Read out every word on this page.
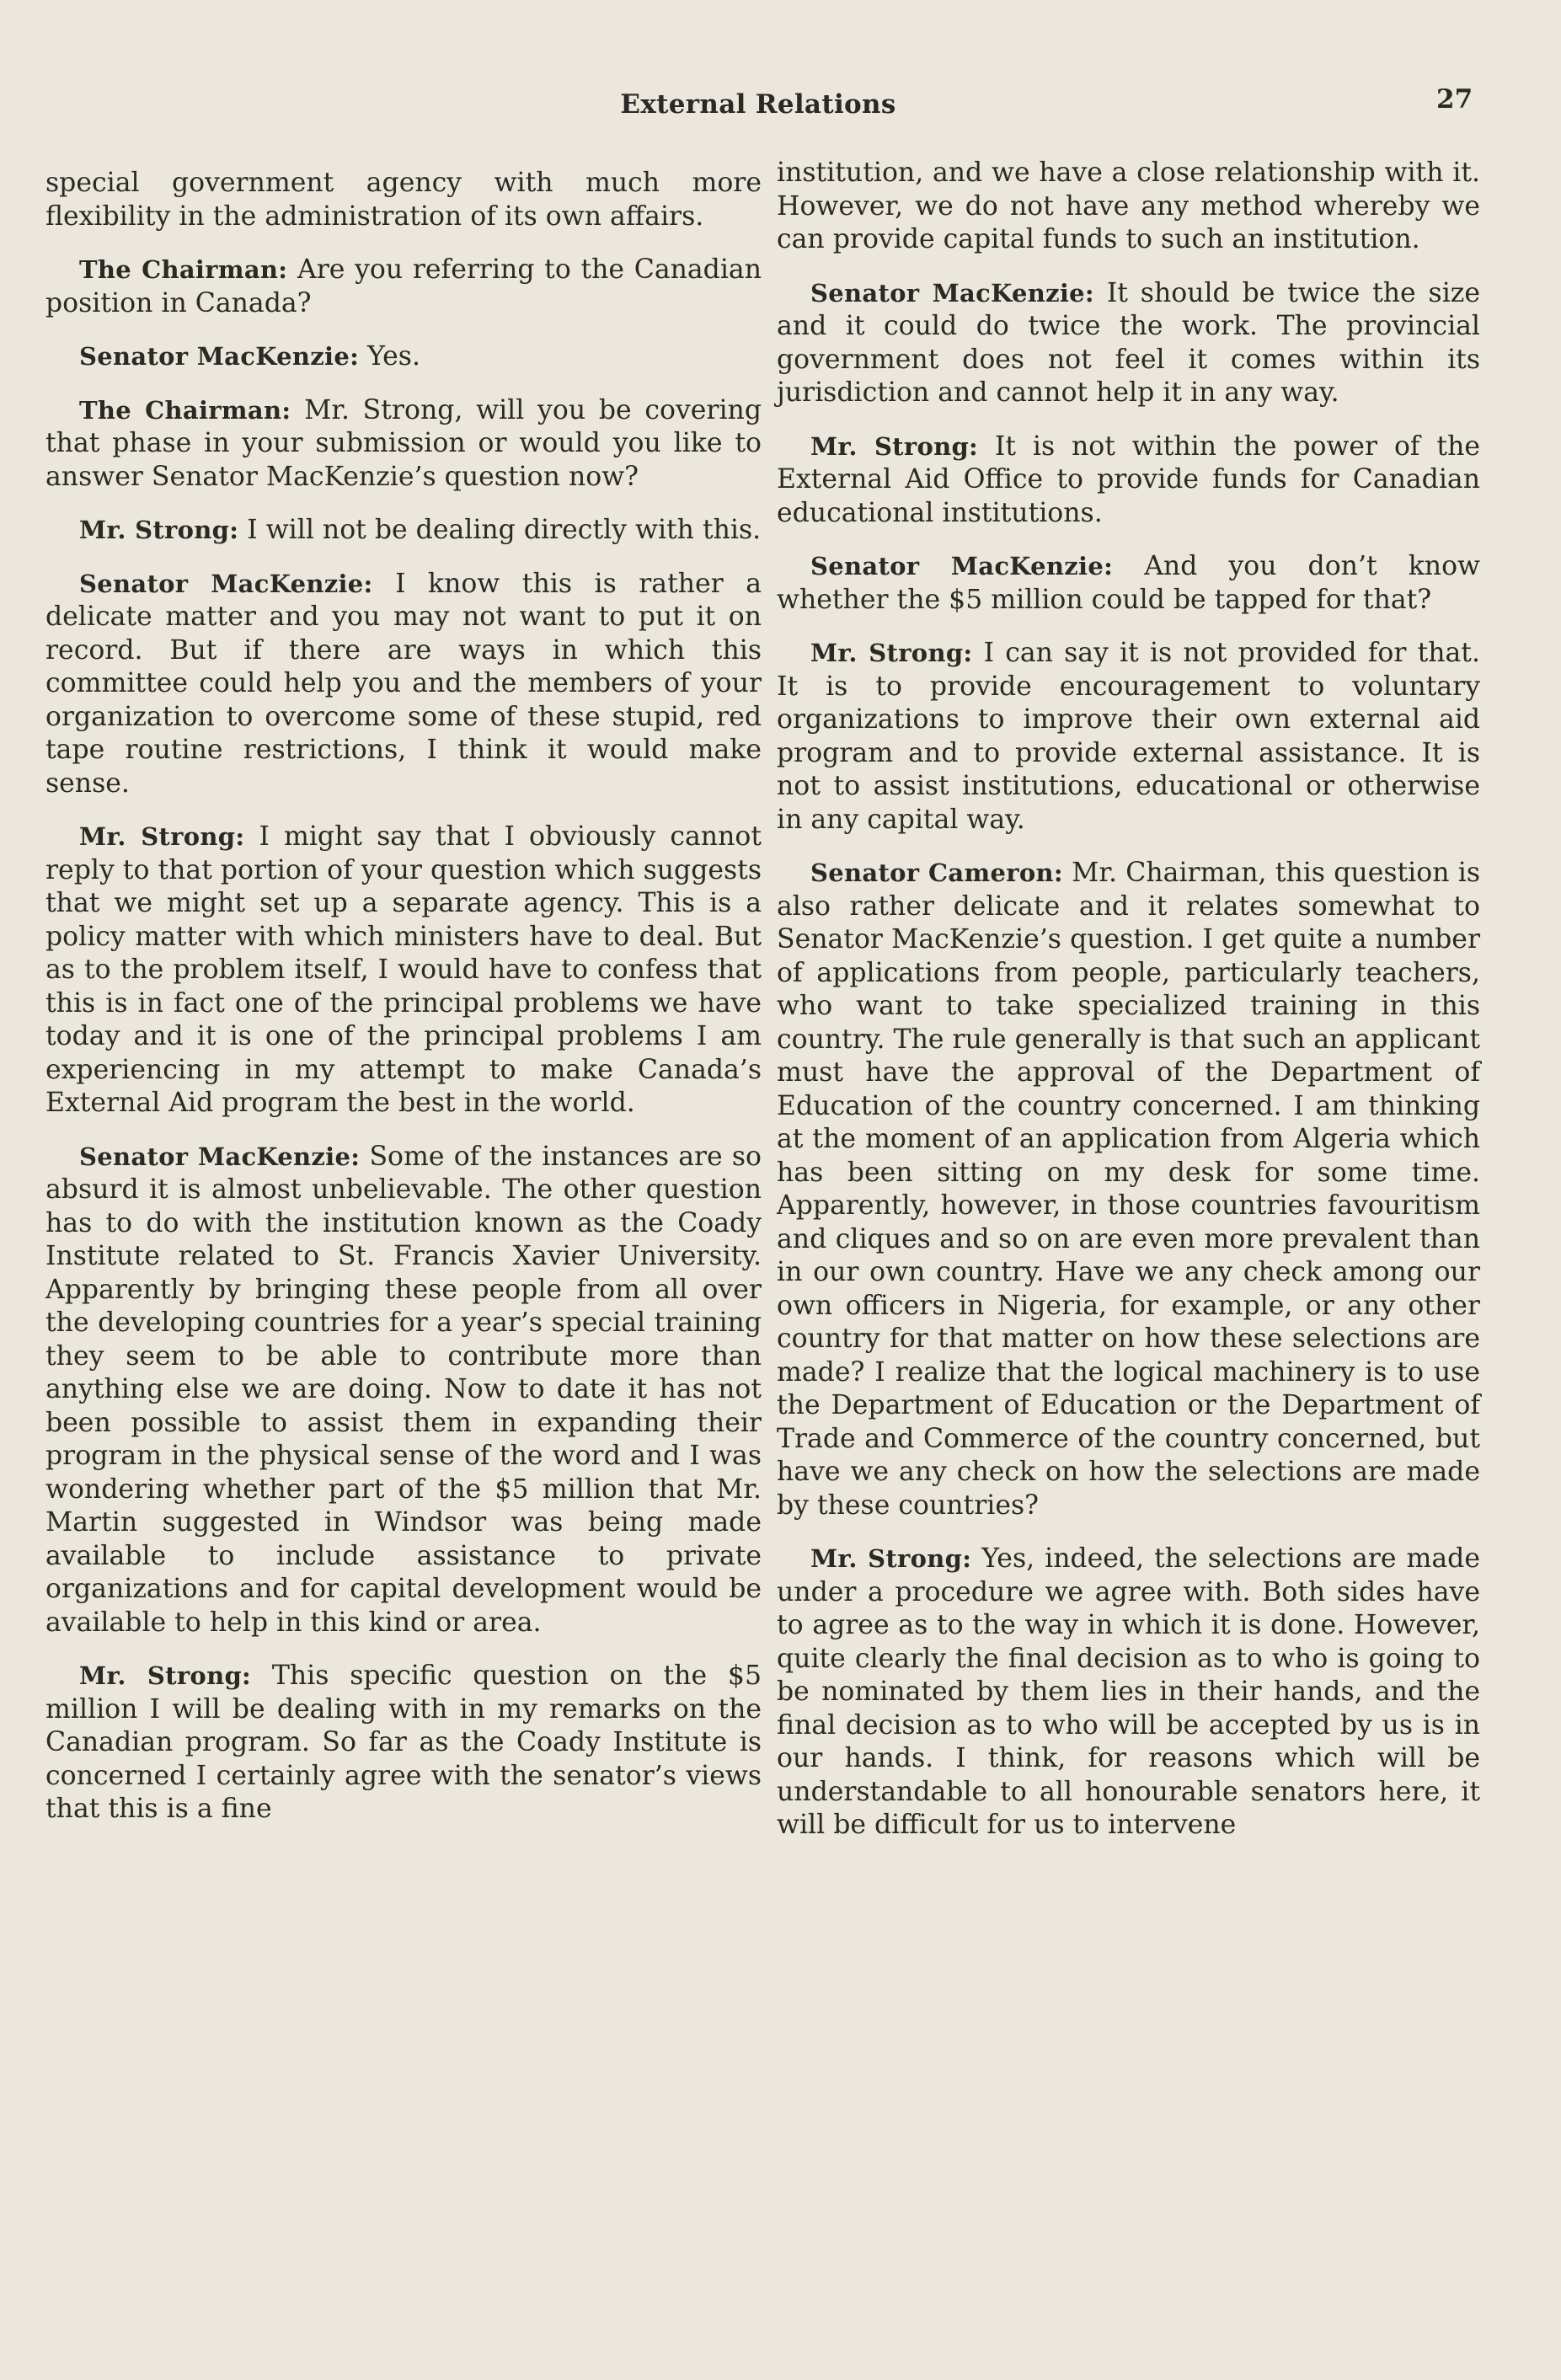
External Relations	27

special government agency with much more flexibility in the administration of its own affairs.

The Chairman: Are you referring to the Canadian position in Canada?

Senator MacKenzie: Yes.

The Chairman: Mr. Strong, will you be covering that phase in your submission or would you like to answer Senator MacKenzie’s question now?

Mr. Strong: I will not be dealing directly with this.

Senator MacKenzie: I know this is rather a delicate matter and you may not want to put it on record. But if there are ways in which this committee could help you and the members of your organization to overcome some of these stupid, red tape routine restrictions, I think it would make sense.

Mr. Strong: I might say that I obviously cannot reply to that portion of your question which suggests that we might set up a separate agency. This is a policy matter with which ministers have to deal. But as to the problem itself, I would have to confess that this is in fact one of the principal problems we have today and it is one of the principal problems I am experiencing in my attempt to make Canada’s External Aid program the best in the world.

Senator MacKenzie: Some of the instances are so absurd it is almost unbelievable. The other question has to do with the institution known as the Coady Institute related to St. Francis Xavier University. Apparently by bringing these people from all over the developing countries for a year’s special training they seem to be able to contribute more than anything else we are doing. Now to date it has not been possible to assist them in expanding their program in the physical sense of the word and I was wondering whether part of the $5 million that Mr. Martin suggested in Windsor was being made available to include assistance to private organizations and for capital development would be available to help in this kind or area.

Mr. Strong: This specific question on the $5 million I will be dealing with in my remarks on the Canadian program. So far as the Coady Institute is concerned I certainly agree with the senator’s views that this is a fine

institution, and we have a close relationship with it. However, we do not have any method whereby we can provide capital funds to such an institution.

Senator MacKenzie: It should be twice the size and it could do twice the work. The provincial government does not feel it comes within its jurisdiction and cannot help it in any way.

Mr. Strong: It is not within the power of the External Aid Office to provide funds for Canadian educational institutions.

Senator MacKenzie: And you don’t know whether the $5 million could be tapped for that?

Mr. Strong: I can say it is not provided for that. It is to provide encouragement to voluntary organizations to improve their own external aid program and to provide external assistance. It is not to assist institutions, educational or otherwise in any capital way.

Senator Cameron: Mr. Chairman, this question is also rather delicate and it relates somewhat to Senator MacKenzie’s question. I get quite a number of applications from people, particularly teachers, who want to take specialized training in this country. The rule generally is that such an applicant must have the approval of the Department of Education of the country concerned. I am thinking at the moment of an application from Algeria which has been sitting on my desk for some time. Apparently, however, in those countries favouritism and cliques and so on are even more prevalent than in our own country. Have we any check among our own officers in Nigeria, for example, or any other country for that matter on how these selections are made? I realize that the logical machinery is to use the Department of Education or the Department of Trade and Commerce of the country concerned, but have we any check on how the selections are made by these countries?

Mr. Strong: Yes, indeed, the selections are made under a procedure we agree with. Both sides have to agree as to the way in which it is done. However, quite clearly the final decision as to who is going to be nominated by them lies in their hands, and the final decision as to who will be accepted by us is in our hands. I think, for reasons which will be understandable to all honourable senators here, it will be difficult for us to intervene
